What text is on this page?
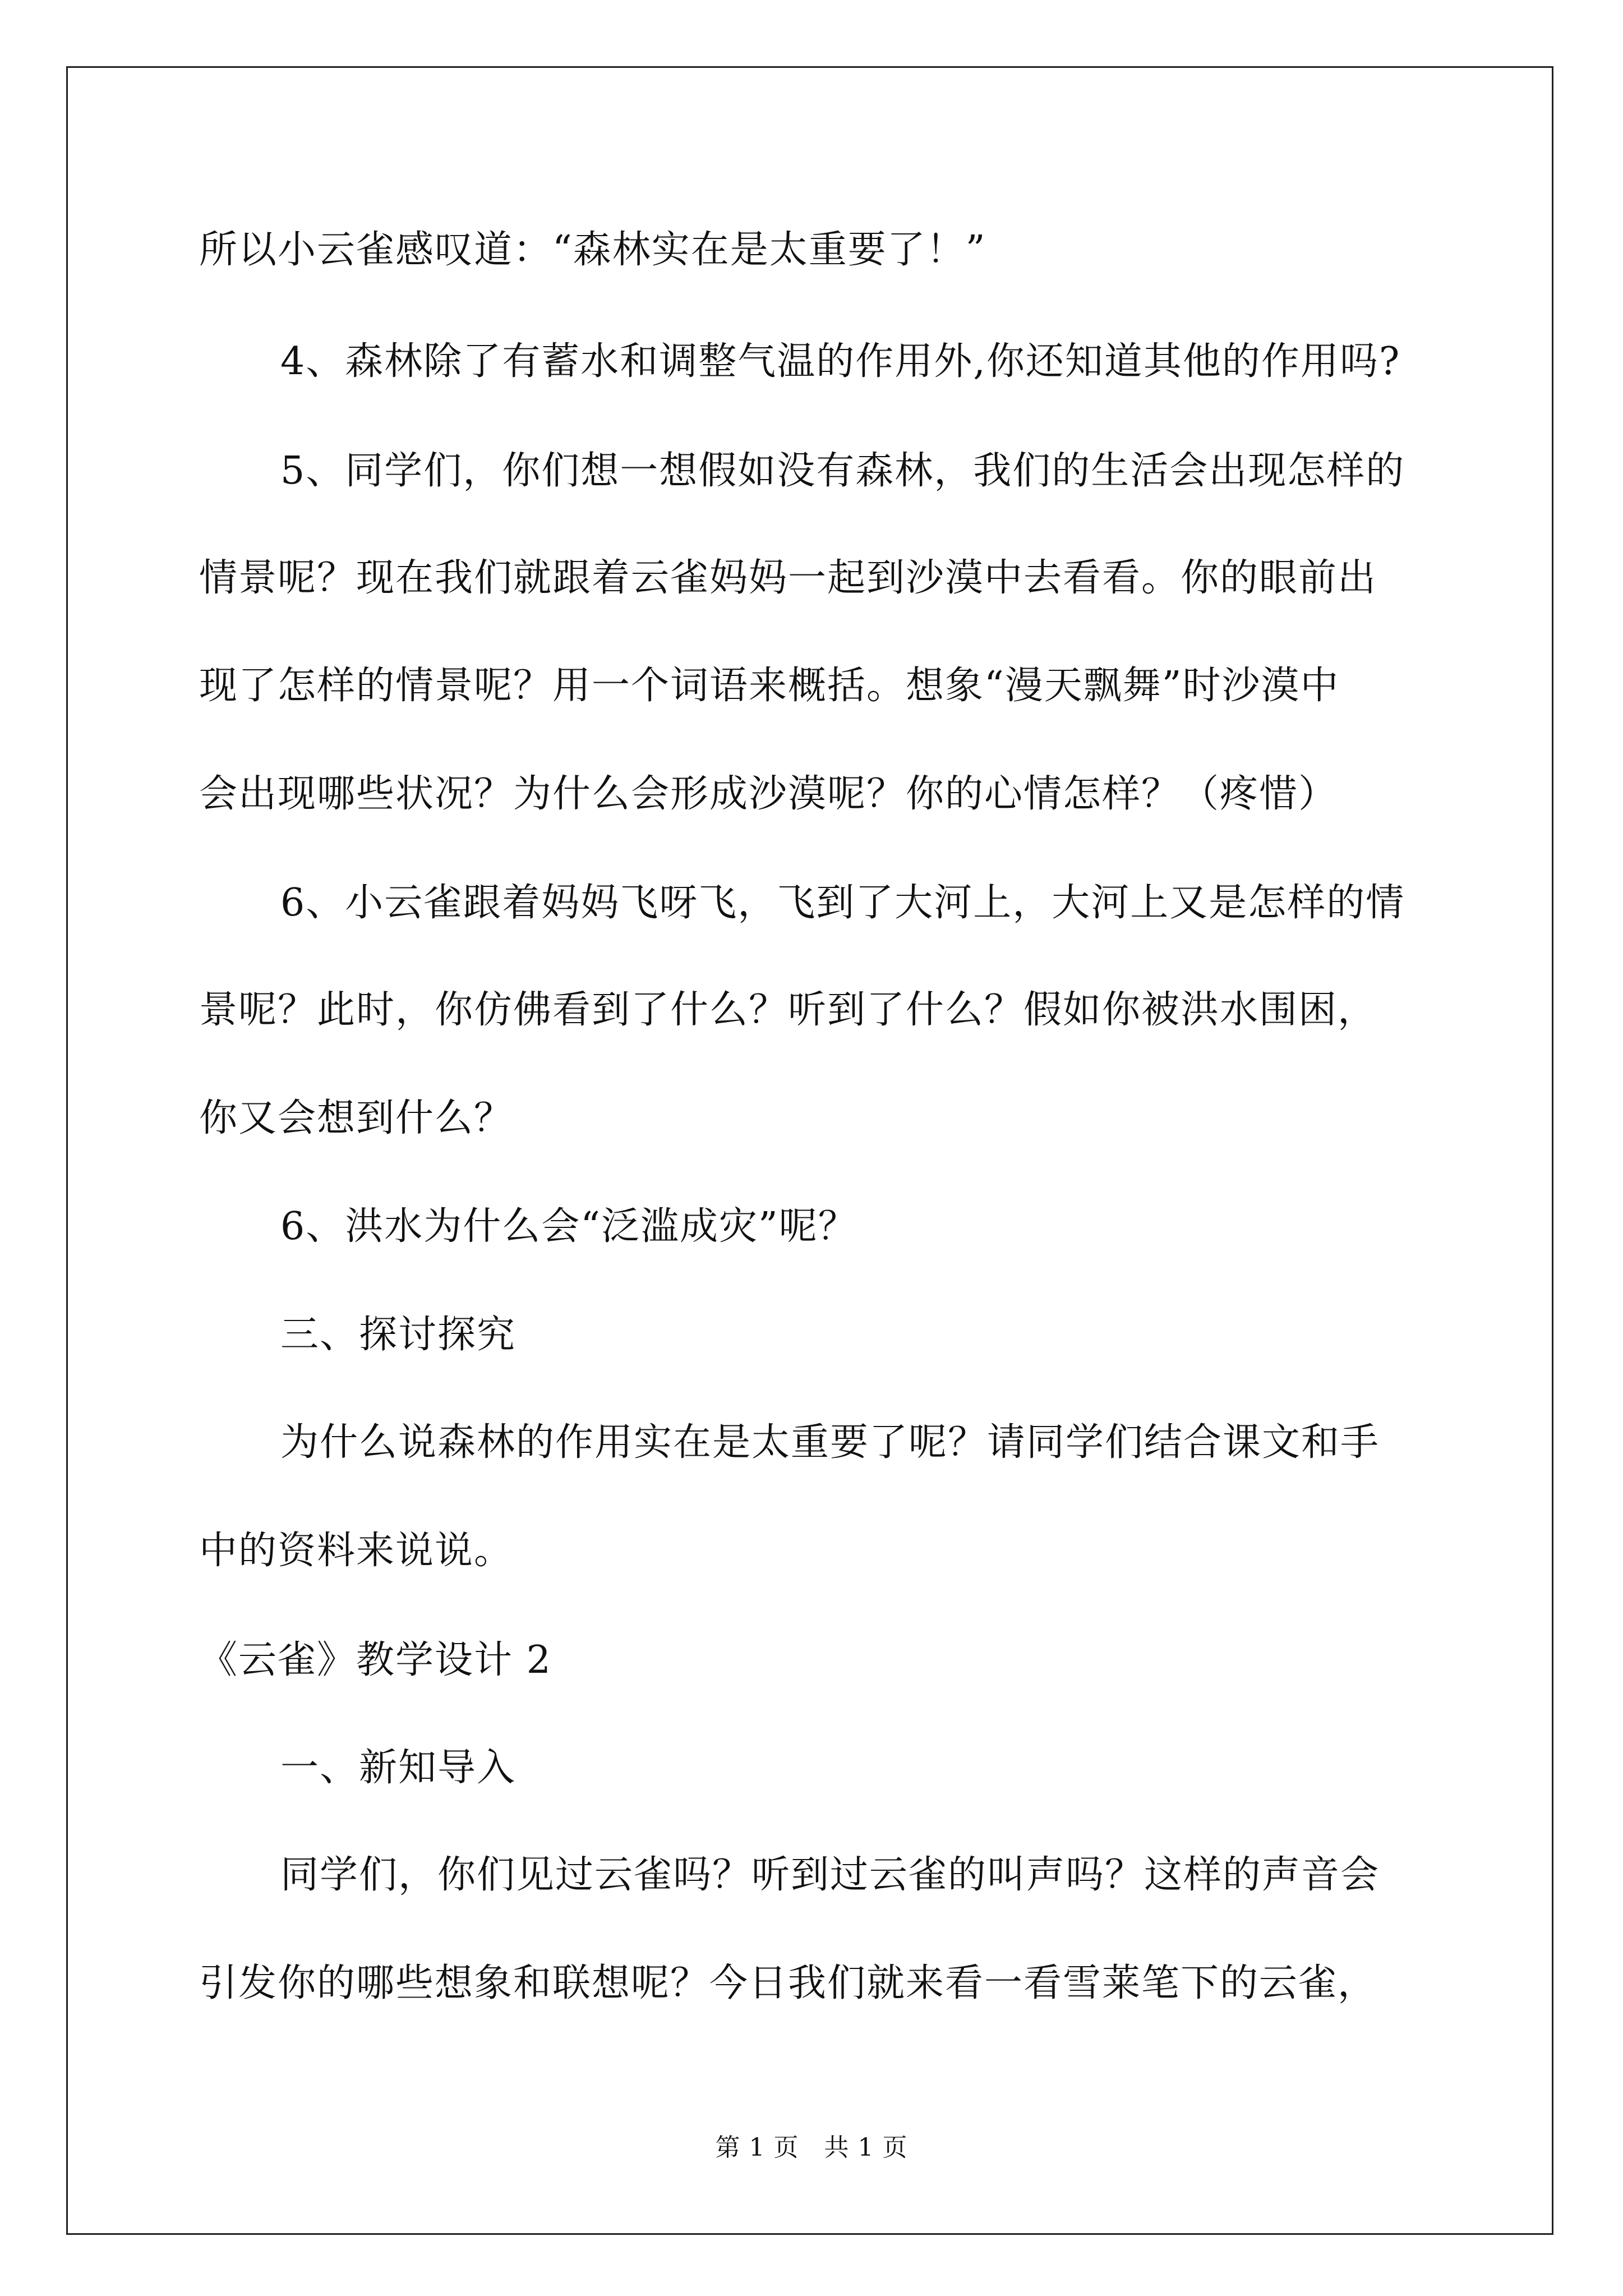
所以小云雀感叹道：“森林实在是太重要了！”

4、森林除了有蓄水和调整气温的作用外,你还知道其他的作用吗?

5、同学们，你们想一想假如没有森林，我们的生活会出现怎样的

情景呢？现在我们就跟着云雀妈妈一起到沙漠中去看看。你的眼前出

现了怎样的情景呢？用一个词语来概括。想象“漫天飘舞”时沙漠中

会出现哪些状况？为什么会形成沙漠呢？你的心情怎样？（疼惜）

6、小云雀跟着妈妈飞呀飞，飞到了大河上，大河上又是怎样的情

景呢？此时，你仿佛看到了什么？听到了什么？假如你被洪水围困，

你又会想到什么？

6、洪水为什么会“泛滥成灾”呢？

三、探讨探究

为什么说森林的作用实在是太重要了呢？请同学们结合课文和手

中的资料来说说。

《云雀》教学设计 2

一、新知导入

同学们，你们见过云雀吗？听到过云雀的叫声吗？这样的声音会

引发你的哪些想象和联想呢？今日我们就来看一看雪莱笔下的云雀，

第 1 页　共 1 页
